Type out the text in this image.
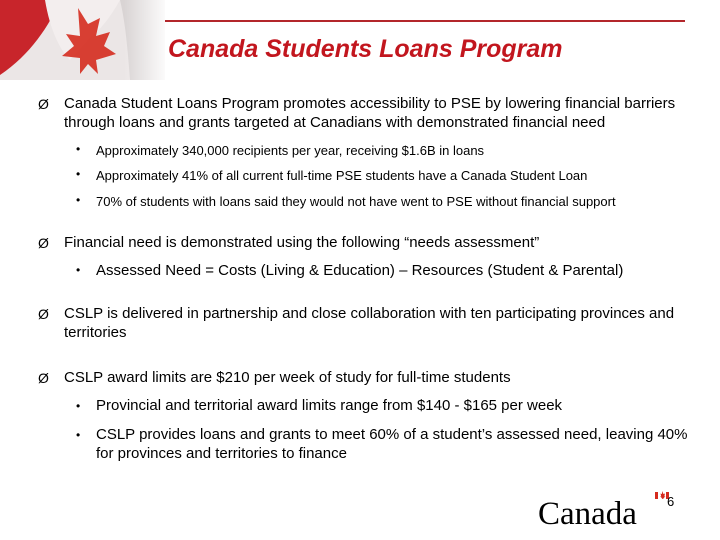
Canada Students Loans Program
Ø Canada Student Loans Program promotes accessibility to PSE by lowering financial barriers through loans and grants targeted at Canadians with demonstrated financial need
• Approximately 340,000 recipients per year, receiving $1.6B in loans
• Approximately 41% of all current full-time PSE students have a Canada Student Loan
• 70% of students with loans said they would not have went to PSE without financial support
Ø Financial need is demonstrated using the following “needs assessment”
• Assessed Need = Costs (Living & Education) – Resources (Student & Parental)
Ø CSLP is delivered in partnership and close collaboration with ten participating provinces and territories
Ø CSLP award limits are $210 per week of study for full-time students
• Provincial and territorial award limits range from $140 - $165 per week
• CSLP provides loans and grants to meet 60% of a student’s assessed need, leaving 40% for provinces and territories to finance
Canada 6
